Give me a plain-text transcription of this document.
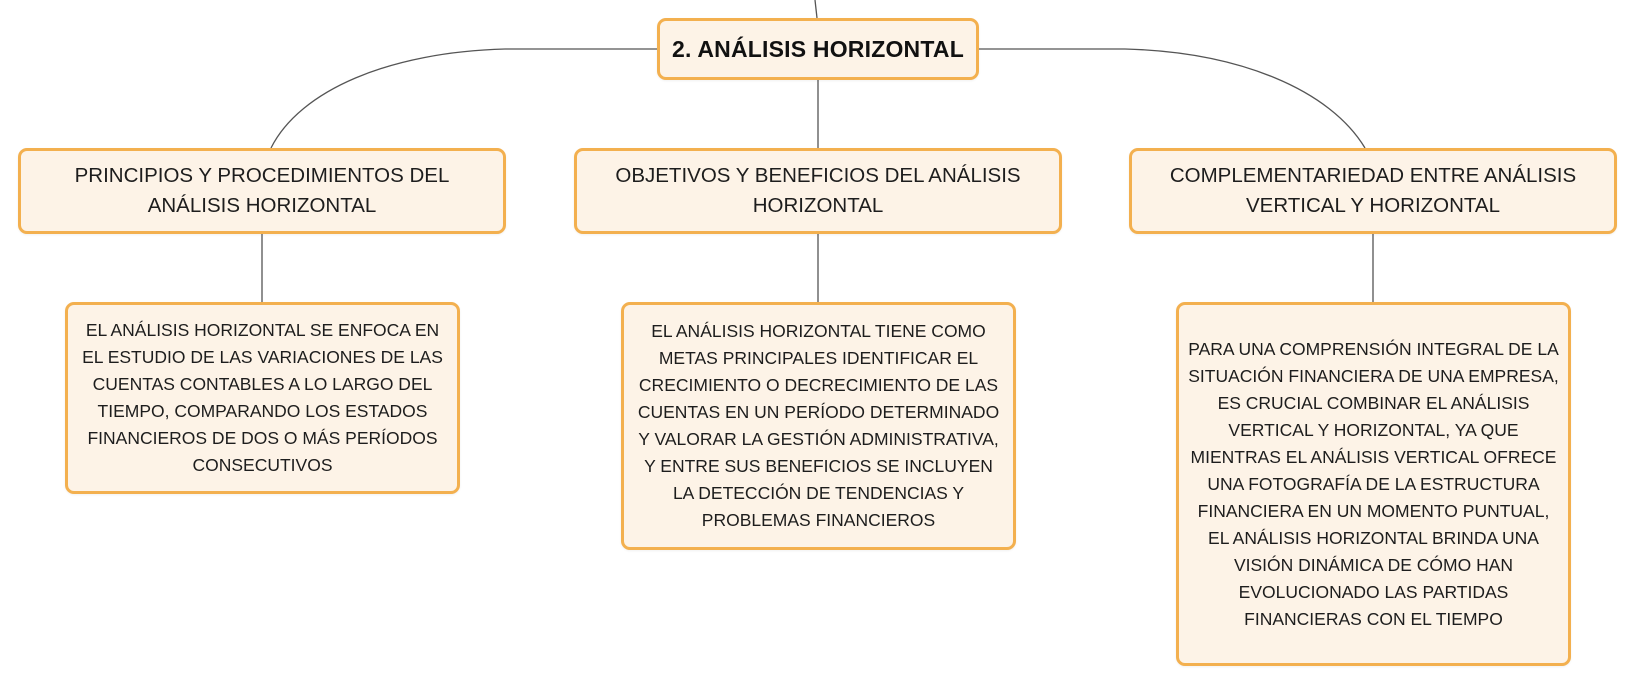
2. ANÁLISIS HORIZONTAL
PRINCIPIOS Y PROCEDIMIENTOS DEL ANÁLISIS HORIZONTAL
OBJETIVOS Y BENEFICIOS DEL ANÁLISIS HORIZONTAL
COMPLEMENTARIEDAD ENTRE ANÁLISIS VERTICAL Y HORIZONTAL
EL ANÁLISIS HORIZONTAL SE ENFOCA EN EL ESTUDIO DE LAS VARIACIONES DE LAS CUENTAS CONTABLES A LO LARGO DEL TIEMPO, COMPARANDO LOS ESTADOS FINANCIEROS DE DOS O MÁS PERÍODOS CONSECUTIVOS
EL ANÁLISIS HORIZONTAL TIENE COMO METAS PRINCIPALES IDENTIFICAR EL CRECIMIENTO O DECRECIMIENTO DE LAS CUENTAS EN UN PERÍODO DETERMINADO Y VALORAR LA GESTIÓN ADMINISTRATIVA, Y ENTRE SUS BENEFICIOS SE INCLUYEN LA DETECCIÓN DE TENDENCIAS Y PROBLEMAS FINANCIEROS
PARA UNA COMPRENSIÓN INTEGRAL DE LA SITUACIÓN FINANCIERA DE UNA EMPRESA, ES CRUCIAL COMBINAR EL ANÁLISIS VERTICAL Y HORIZONTAL, YA QUE MIENTRAS EL ANÁLISIS VERTICAL OFRECE UNA FOTOGRAFÍA DE LA ESTRUCTURA FINANCIERA EN UN MOMENTO PUNTUAL, EL ANÁLISIS HORIZONTAL BRINDA UNA VISIÓN DINÁMICA DE CÓMO HAN EVOLUCIONADO LAS PARTIDAS FINANCIERAS CON EL TIEMPO
